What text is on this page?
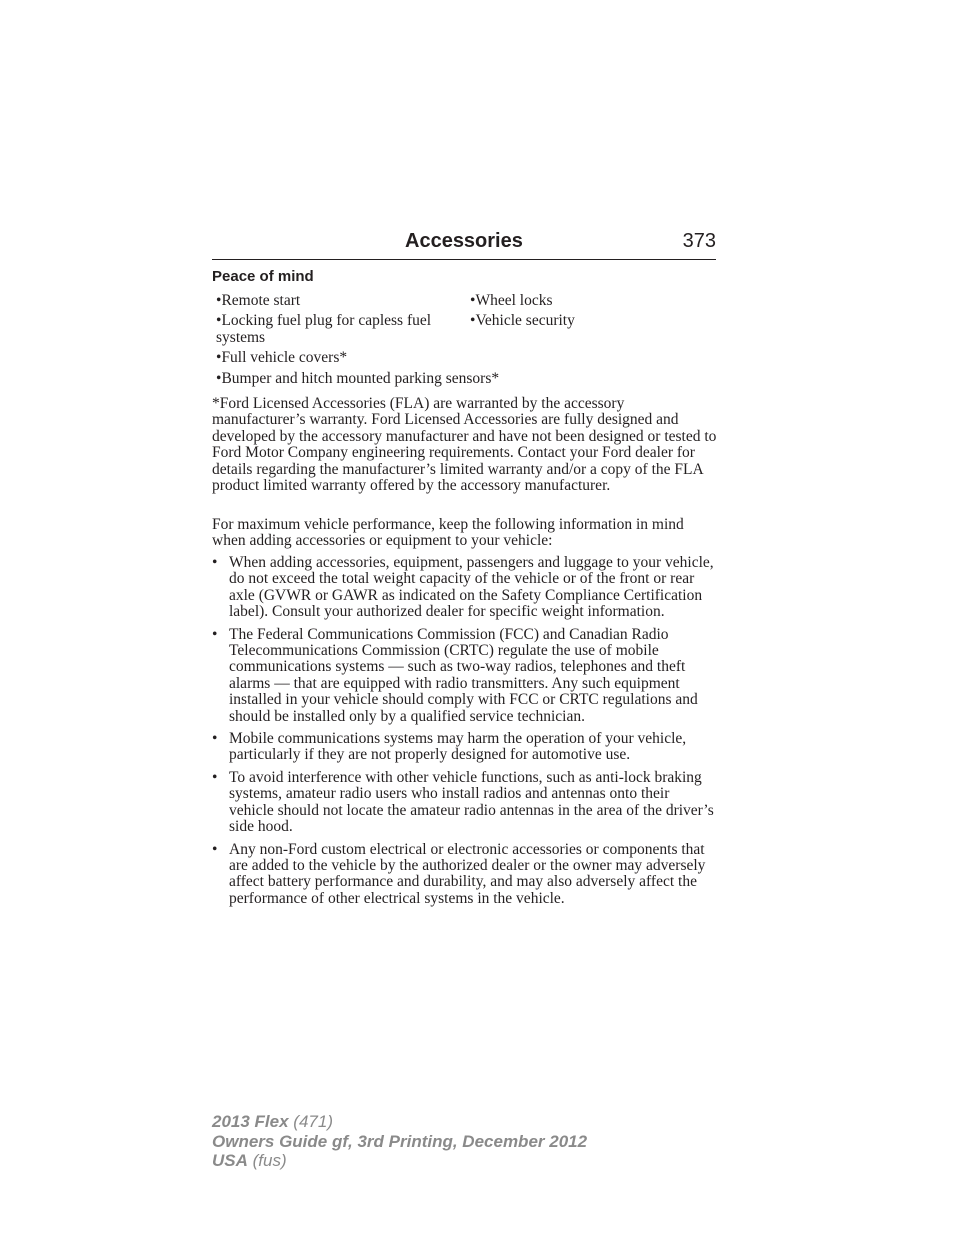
Accessories	373
Peace of mind
•Remote start
•Locking fuel plug for capless fuel systems
•Full vehicle covers*
•Bumper and hitch mounted parking sensors*
•Wheel locks
•Vehicle security
*Ford Licensed Accessories (FLA) are warranted by the accessory manufacturer’s warranty. Ford Licensed Accessories are fully designed and developed by the accessory manufacturer and have not been designed or tested to Ford Motor Company engineering requirements. Contact your Ford dealer for details regarding the manufacturer’s limited warranty and/or a copy of the FLA product limited warranty offered by the accessory manufacturer.
For maximum vehicle performance, keep the following information in mind when adding accessories or equipment to your vehicle:
• When adding accessories, equipment, passengers and luggage to your vehicle, do not exceed the total weight capacity of the vehicle or of the front or rear axle (GVWR or GAWR as indicated on the Safety Compliance Certification label). Consult your authorized dealer for specific weight information.
• The Federal Communications Commission (FCC) and Canadian Radio Telecommunications Commission (CRTC) regulate the use of mobile communications systems — such as two-way radios, telephones and theft alarms — that are equipped with radio transmitters. Any such equipment installed in your vehicle should comply with FCC or CRTC regulations and should be installed only by a qualified service technician.
• Mobile communications systems may harm the operation of your vehicle, particularly if they are not properly designed for automotive use.
• To avoid interference with other vehicle functions, such as anti-lock braking systems, amateur radio users who install radios and antennas onto their vehicle should not locate the amateur radio antennas in the area of the driver’s side hood.
• Any non-Ford custom electrical or electronic accessories or components that are added to the vehicle by the authorized dealer or the owner may adversely affect battery performance and durability, and may also adversely affect the performance of other electrical systems in the vehicle.
2013 Flex (471)
Owners Guide gf, 3rd Printing, December 2012
USA (fus)
